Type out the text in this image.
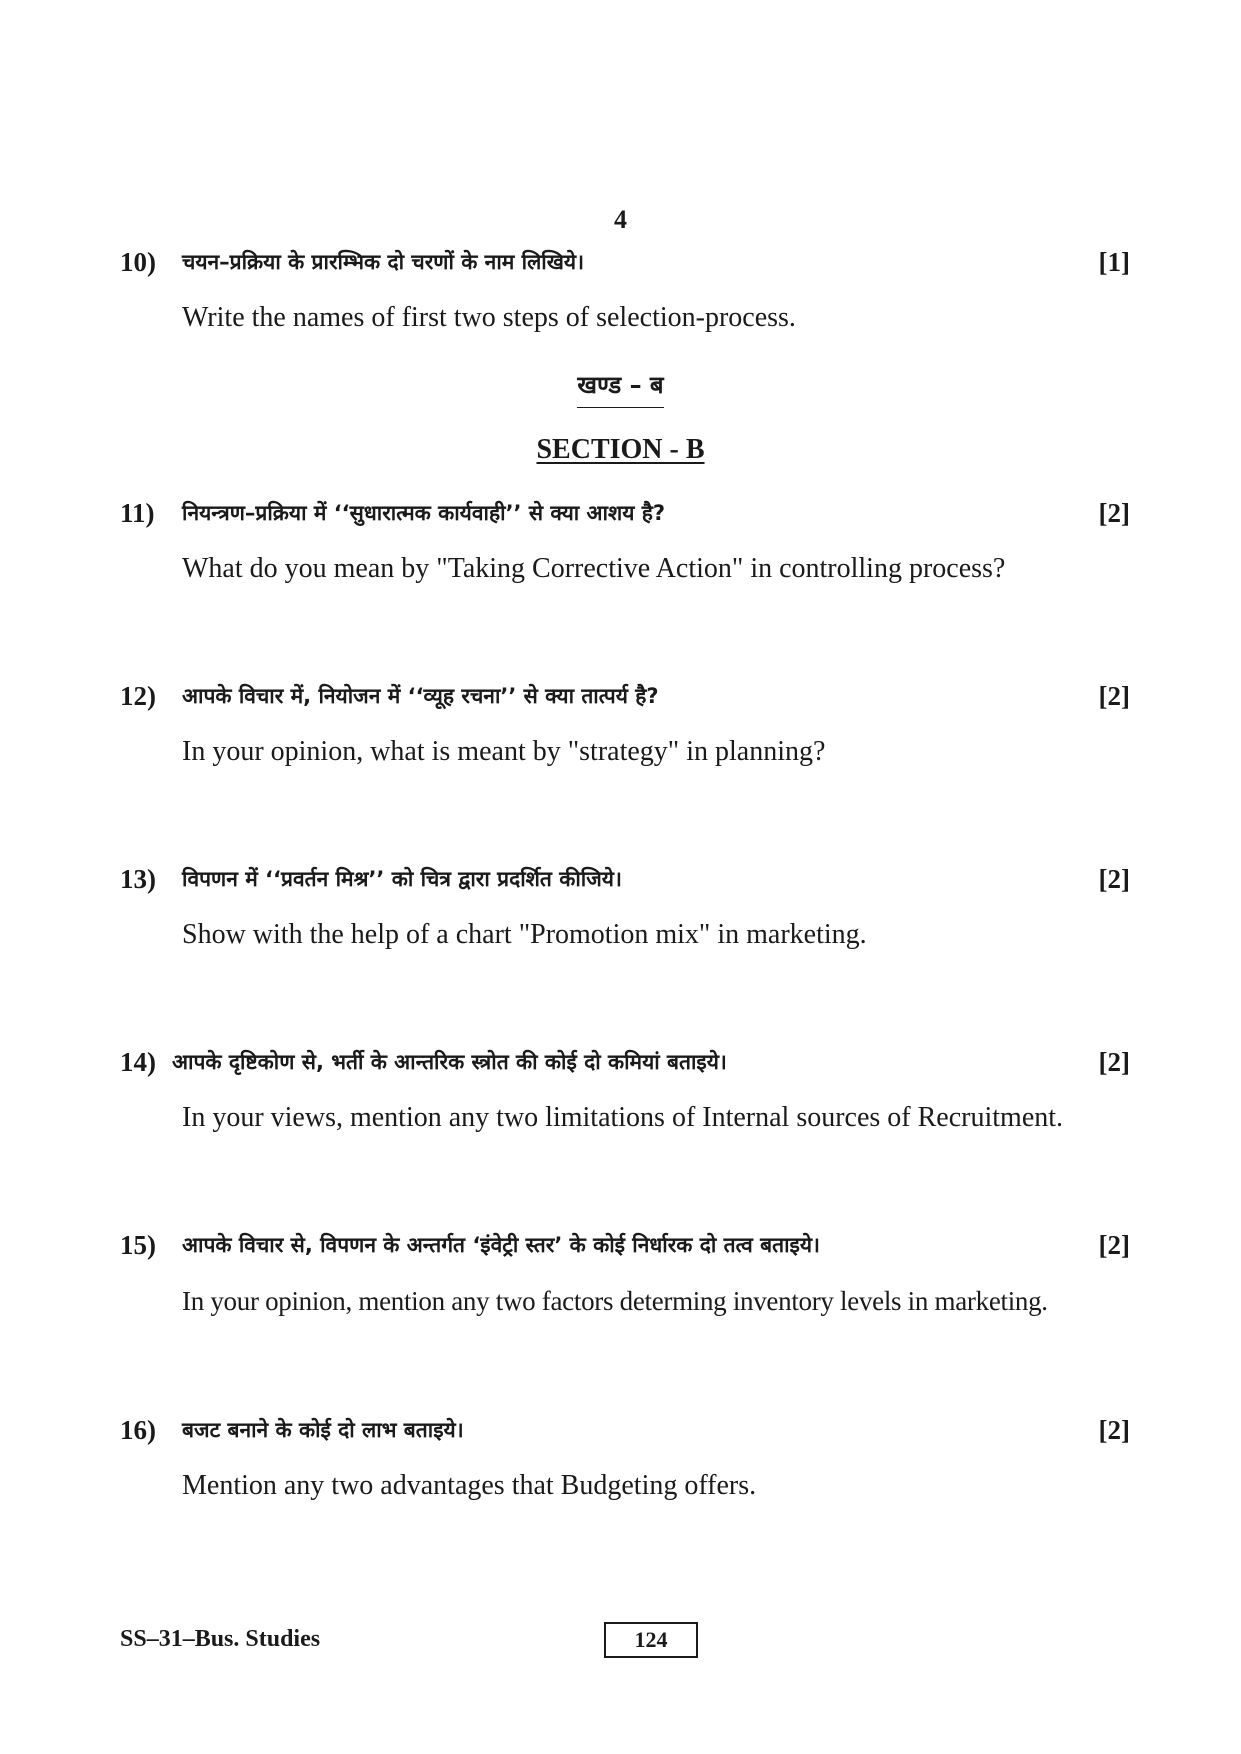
4
10) चयन–प्रक्रिया के प्रारम्भिक दो चरणों के नाम लिखिये।	[1]
Write the names of first two steps of selection-process.
खण्ड – ब
SECTION - B
11) नियन्त्रण–प्रक्रिया में ‘‘सुधारात्मक कार्यवाही’’ से क्या आशय है?	[2]
What do you mean by "Taking Corrective Action" in controlling process?
12) आपके विचार में, नियोजन में ‘‘व्यूह रचना’’ से क्या तात्पर्य है?	[2]
In your opinion, what is meant by "strategy" in planning?
13) विपणन में ‘‘प्रवर्तन मिश्र’’ को चित्र द्वारा प्रदर्शित कीजिये।	[2]
Show with the help of a chart "Promotion mix" in marketing.
14) आपके दृष्टिकोण से, भर्ती के आन्तरिक स्त्रोत की कोई दो कमियां बताइये।	[2]
In your views, mention any two limitations of Internal sources of Recruitment.
15) आपके विचार से, विपणन के अन्तर्गत ‘इंवेट्री स्तर’ के कोई निर्धारक दो तत्व बताइये।	[2]
In your opinion, mention any two factors determing inventory levels in marketing.
16) बजट बनाने के कोई दो लाभ बताइये।	[2]
Mention any two advantages that Budgeting offers.
SS–31–Bus. Studies	124
